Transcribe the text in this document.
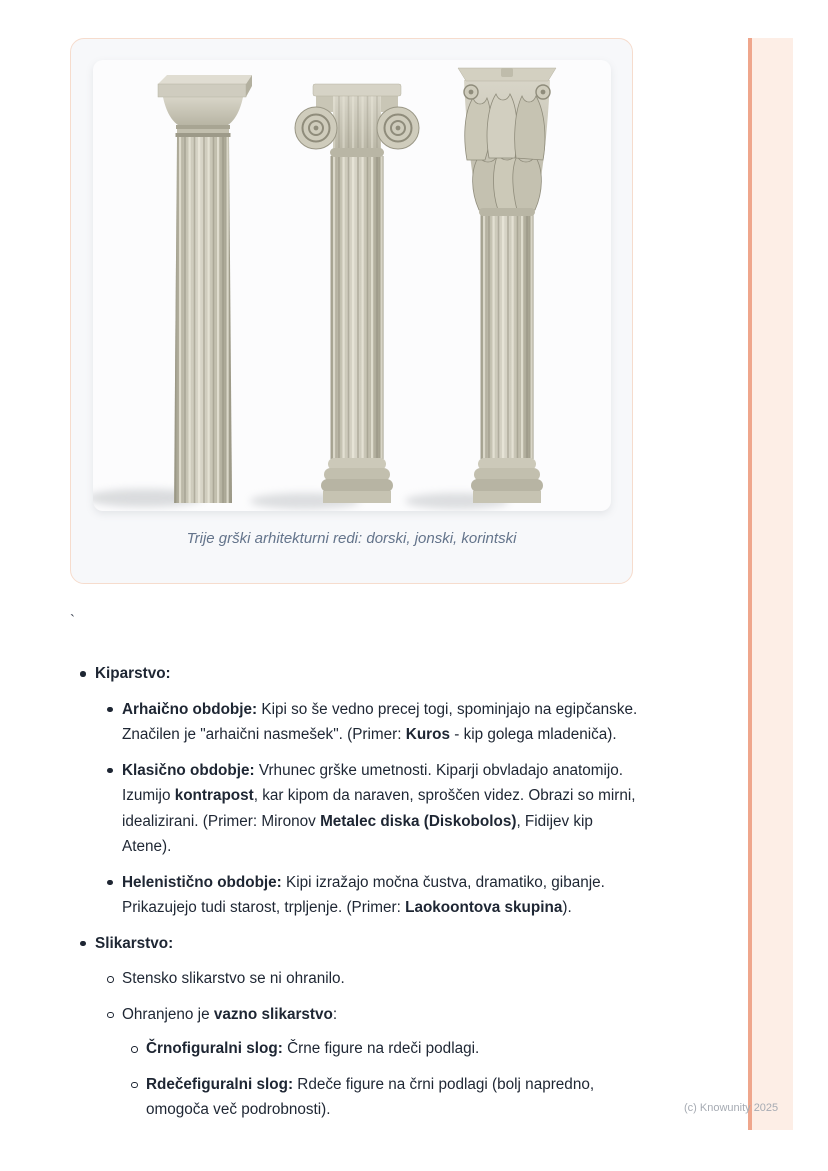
Trije grški arhitekturni redi: dorski, jonski, korintski
`
Kiparstvo:
Arhaično obdobje: Kipi so še vedno precej togi, spominjajo na egipčanske. Značilen je "arhaični nasmešek". (Primer: Kuros - kip golega mladeniča).
Klasično obdobje: Vrhunec grške umetnosti. Kiparji obvladajo anatomijo. Izumijo kontrapost, kar kipom da naraven, sproščen videz. Obrazi so mirni, idealizirani. (Primer: Mironov Metalec diska (Diskobolos), Fidijev kip Atene).
Helenistično obdobje: Kipi izražajo močna čustva, dramatiko, gibanje. Prikazujejo tudi starost, trpljenje. (Primer: Laokoontova skupina).
Slikarstvo:
Stensko slikarstvo se ni ohranilo.
Ohranjeno je vazno slikarstvo:
Črnofiguralni slog: Črne figure na rdeči podlagi.
Rdečefiguralni slog: Rdeče figure na črni podlagi (bolj napredno, omogoča več podrobnosti).	(c) Knowunity 2025
